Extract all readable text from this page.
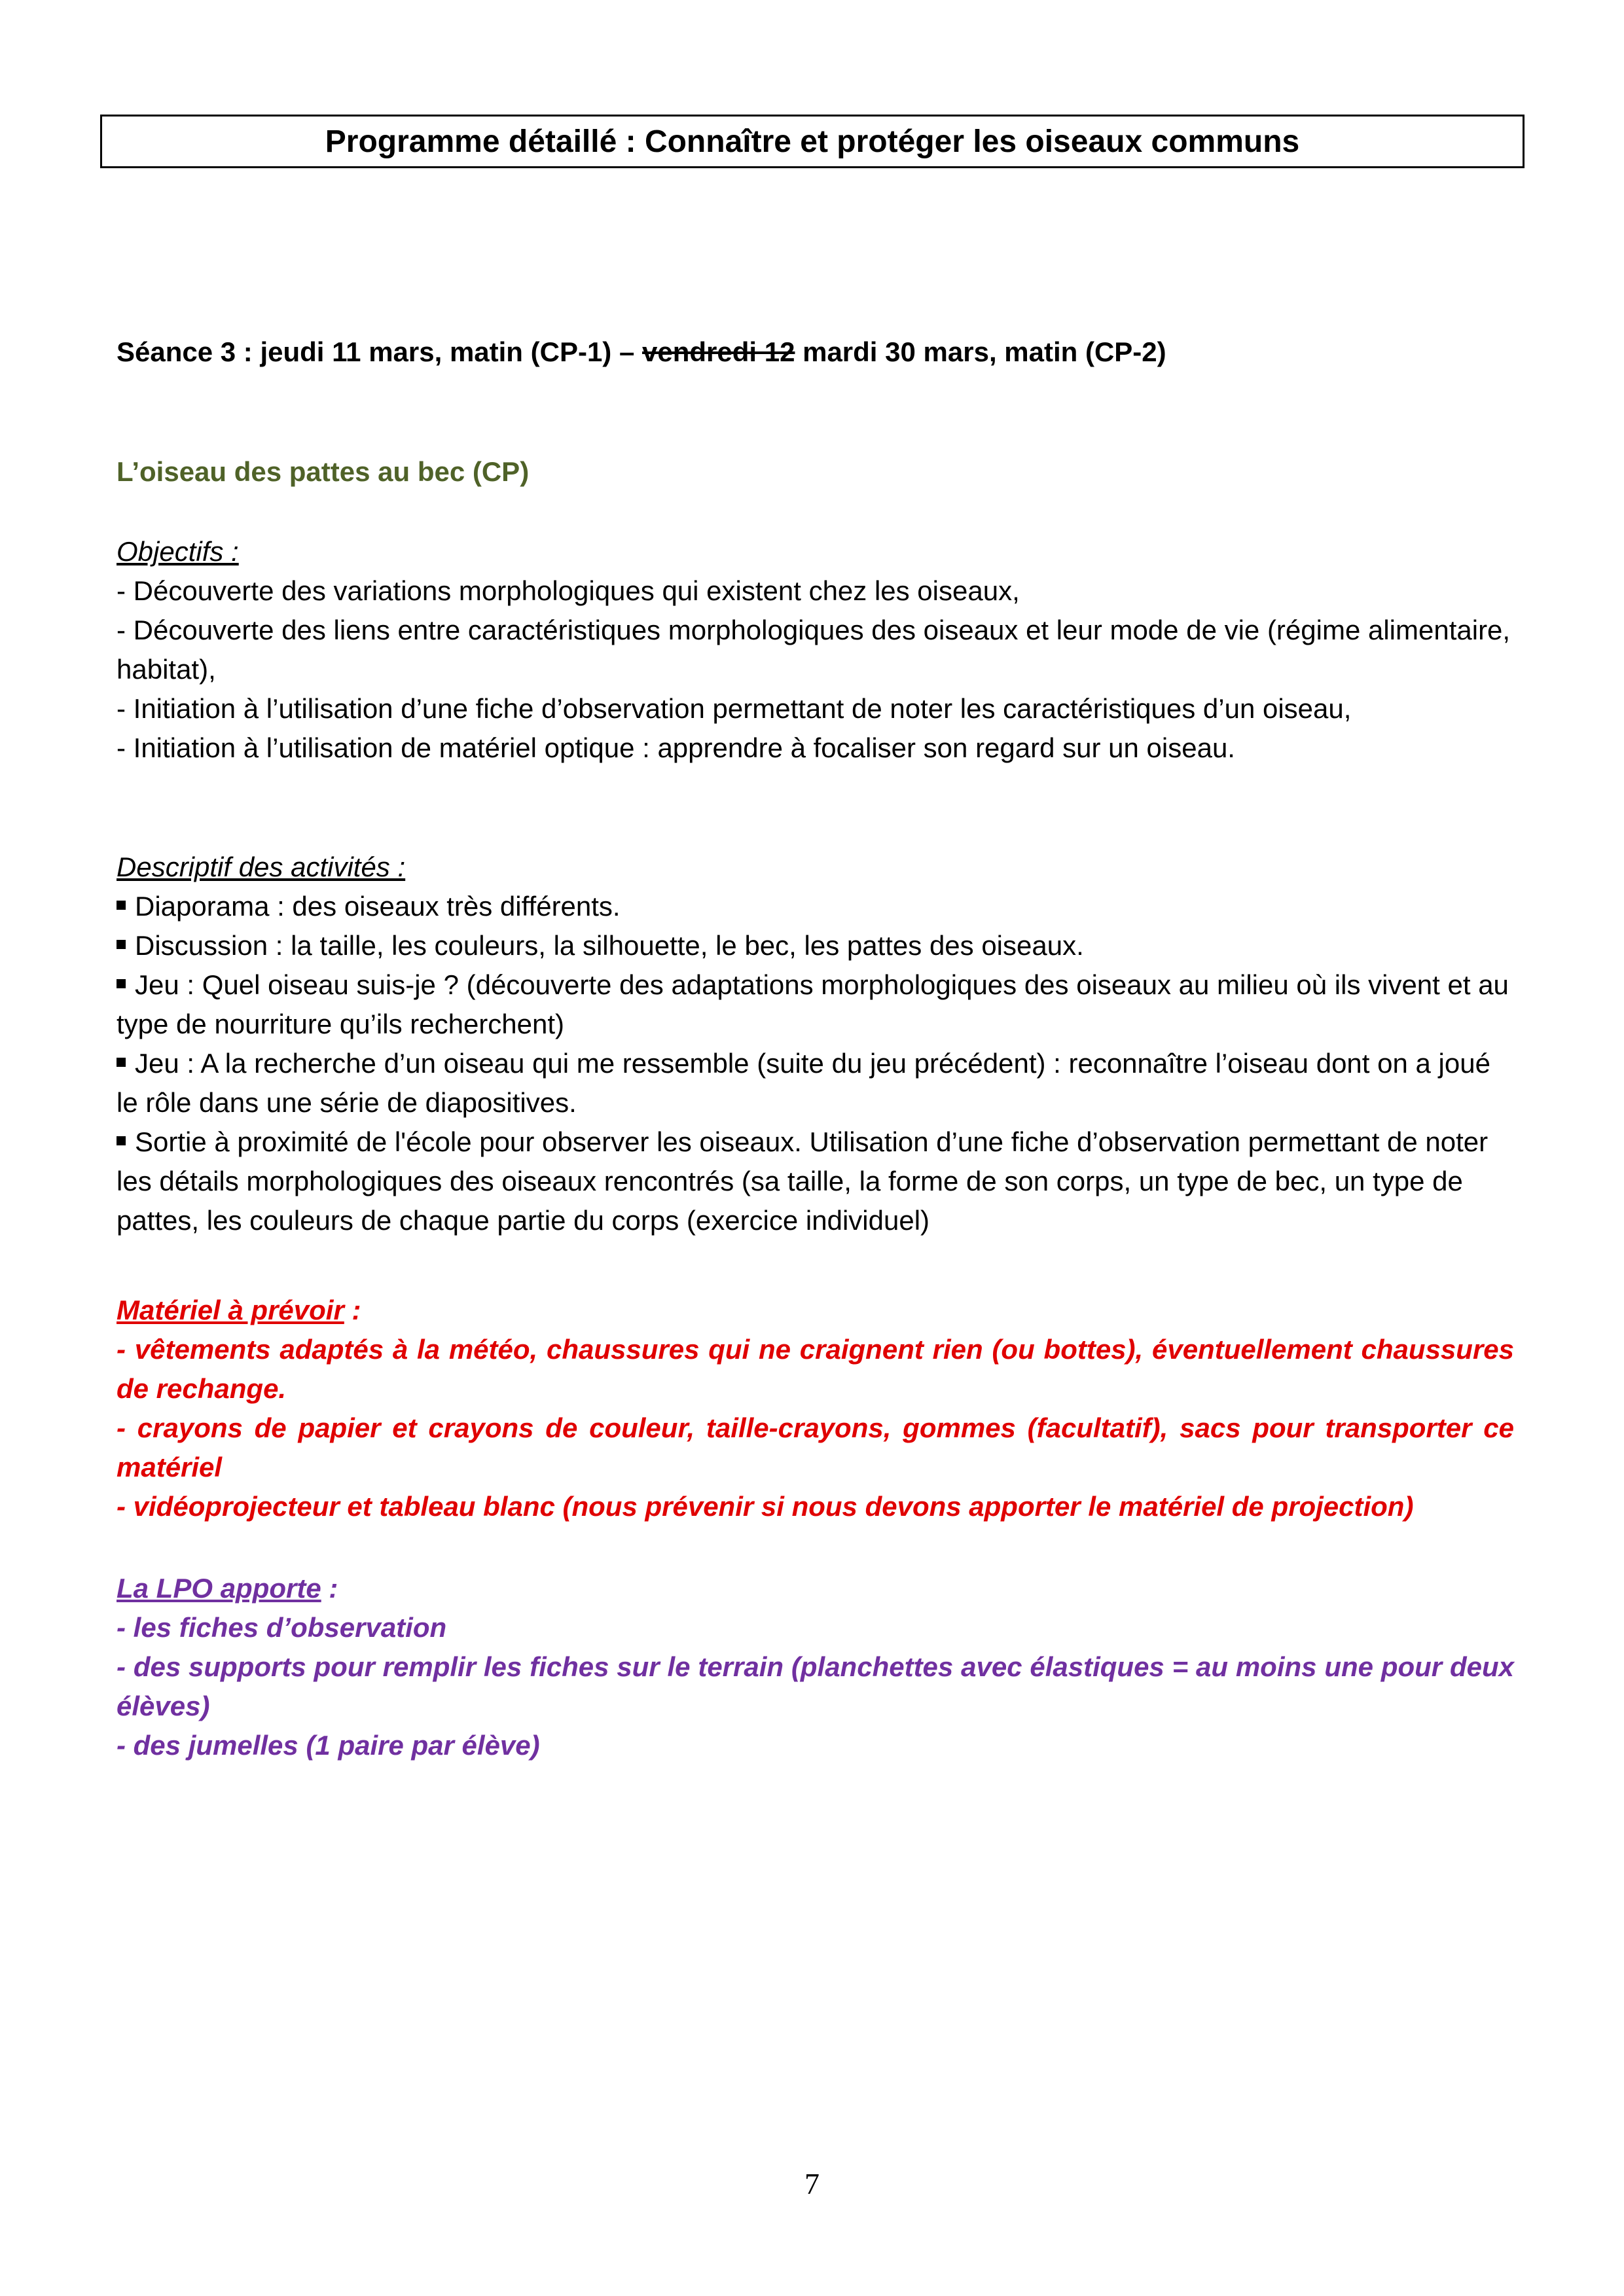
Programme détaillé : Connaître et protéger les oiseaux communs
Séance 3 : jeudi 11 mars, matin (CP-1) – vendredi 12 mardi 30 mars, matin (CP-2)
L’oiseau des pattes au bec (CP)

Objectifs :

- Découverte des variations morphologiques qui existent chez les oiseaux,

- Découverte des liens entre caractéristiques morphologiques des oiseaux et leur mode de vie (régime alimentaire, habitat),

- Initiation à l’utilisation d’une fiche d’observation permettant de noter les caractéristiques d’un oiseau,

- Initiation à l’utilisation de matériel optique : apprendre à focaliser son regard sur un oiseau.

Descriptif des activités :

Diaporama : des oiseaux très différents.

Discussion : la taille, les couleurs, la silhouette, le bec, les pattes des oiseaux.

Jeu : Quel oiseau suis-je ? (découverte des adaptations morphologiques des oiseaux au milieu où ils vivent et au type de nourriture qu’ils recherchent)

Jeu : A la recherche d’un oiseau qui me ressemble (suite du jeu précédent) : reconnaître l’oiseau dont on a joué le rôle dans une série de diapositives.

Sortie à proximité de l'école pour observer les oiseaux. Utilisation d’une fiche d’observation permettant de noter les détails morphologiques des oiseaux rencontrés (sa taille, la forme de son corps, un type de bec, un type de pattes, les couleurs de chaque partie du corps (exercice individuel)

Matériel à prévoir :

- vêtements adaptés à la météo, chaussures qui ne craignent rien (ou bottes), éventuellement chaussures de rechange.

- crayons de papier et crayons de couleur, taille-crayons, gommes (facultatif), sacs pour transporter ce matériel

- vidéoprojecteur et tableau blanc (nous prévenir si nous devons apporter le matériel de projection)

La LPO apporte :

- les fiches d’observation

- des supports pour remplir les fiches sur le terrain (planchettes avec élastiques = au moins une pour deux élèves)

- des jumelles (1 paire par élève)

7
